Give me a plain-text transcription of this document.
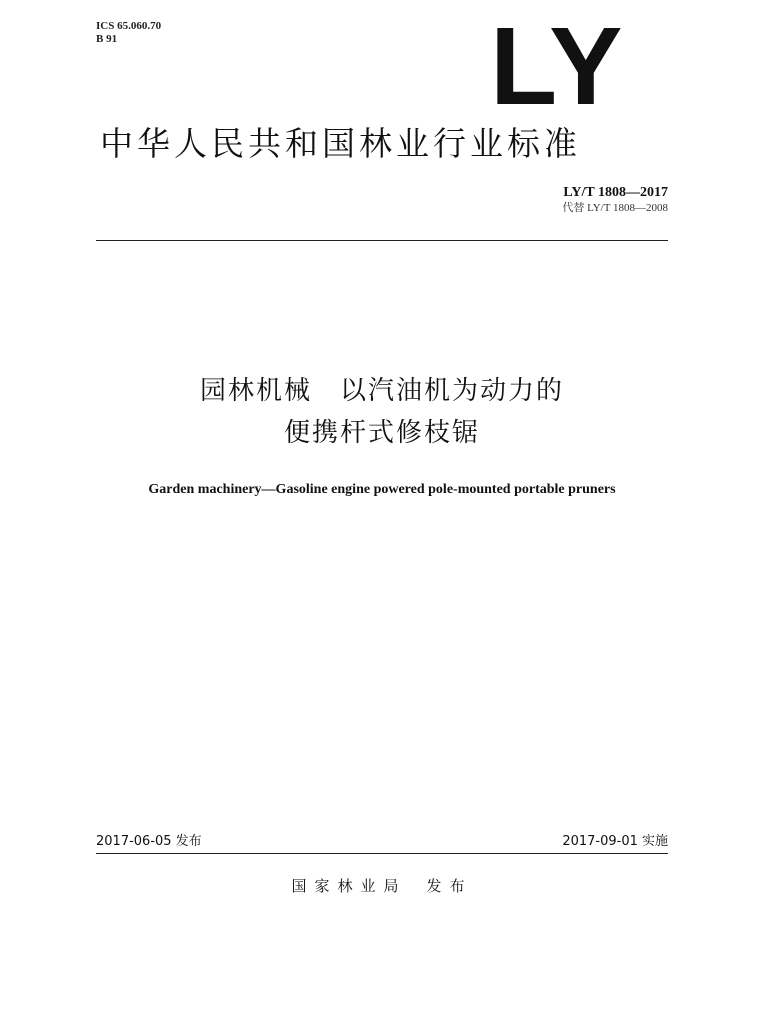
ICS 65.060.70
B 91	LY
中华人民共和国林业行业标准
LY/T 1808—2017
代替 LY/T 1808—2008
园林机械　以汽油机为动力的
便携杆式修枝锯
Garden machinery—Gasoline engine powered pole-mounted portable pruners
2017-06-05 发布	2017-09-01 实施
国家林业局 发布
